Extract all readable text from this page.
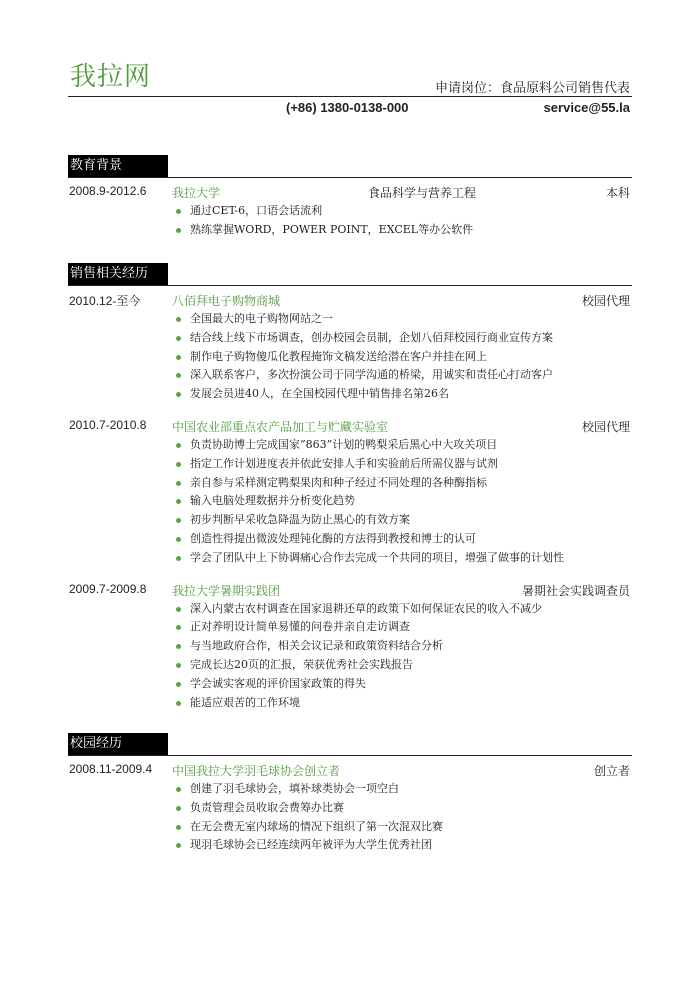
我拉网	申请岗位：食品原料公司销售代表
(+86) 1380-0138-000	service@55.la
教育背景
2008.9-2012.6 我拉大学	食品科学与营养工程	本科
通过CET-6，口语会话流利
熟练掌握WORD，POWER POINT，EXCEL等办公软件
销售相关经历
2010.12-至今	八佰拜电子购物商城	校园代理
全国最大的电子购物网站之一
结合线上线下市场调查，创办校园会员制，企划八佰拜校园行商业宣传方案
制作电子购物傻瓜化教程掩饰文稿发送给潜在客户并挂在网上
深入联系客户，多次扮演公司于同学沟通的桥梁，用诚实和责任心打动客户
发展会员进40人，在全国校园代理中销售排名第26名
2010.7-2010.8 中国农业部重点农产品加工与贮藏实验室	校园代理
负责协助博士完成国家“863”计划的鸭梨采后黑心中大攻关项目
指定工作计划进度表并依此安排人手和实验前后所需仪器与试剂
亲自参与采样测定鸭梨果肉和种子经过不同处理的各种酶指标
输入电脑处理数据并分析变化趋势
初步判断早采收急降温为防止黑心的有效方案
创造性得提出微波处理钝化酶的方法得到教授和博士的认可
学会了团队中上下协调痛心合作去完成一个共同的项目，增强了做事的计划性
2009.7-2009.8 我拉大学暑期实践团	暑期社会实践调查员
深入内蒙古农村调查在国家退耕还草的政策下如何保证农民的收入不减少
正对养明设计简单易懂的问卷并亲自走访调查
与当地政府合作，相关会议记录和政策资料结合分析
完成长达20页的汇报，荣获优秀社会实践报告
学会诚实客观的评价国家政策的得失
能适应艰苦的工作环境
校园经历
2008.11-2009.4 中国我拉大学羽毛球协会创立者	创立者
创建了羽毛球协会，填补球类协会一项空白
负责管理会员收取会费筹办比赛
在无会费无室内球场的情况下组织了第一次混双比赛
现羽毛球协会已经连续两年被评为大学生优秀社团
